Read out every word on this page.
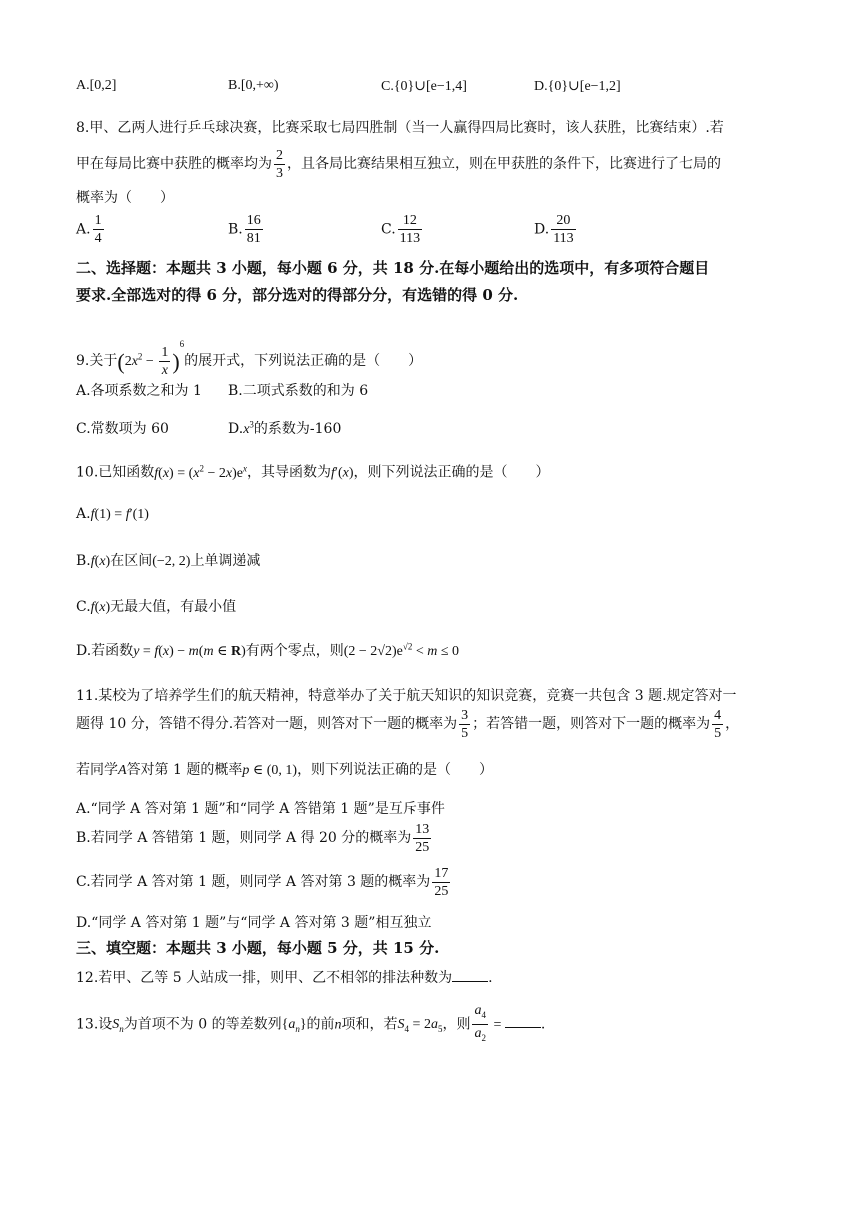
A.[0,2]	B.[0,+∞)	C.{0}∪[e−1,4]	D.{0}∪[e−1,2]
8.甲、乙两人进行乒乓球决赛，比赛采取七局四胜制（当一人赢得四局比赛时，该人获胜，比赛结束）.若
甲在每局比赛中获胜的概率均为 $\frac{2}{3}$ ，且各局比赛结果相互独立，则在甲获胜的条件下，比赛进行了七局的
概率为（　　）
A. $\frac{1}{4}$	B. $\frac{16}{81}$	C. $\frac{12}{113}$	D. $\frac{20}{113}$
二、选择题：本题共 3 小题，每小题 6 分，共 18 分.在每小题给出的选项中，有多项符合题目
要求.全部选对的得 6 分，部分选对的得部分分，有选错的得 0 分.
9.关于$(2x^2 - \frac{1}{x} )^6$的展开式，下列说法正确的是（　　）
A.各项系数之和为 1 B.二项式系数的和为 6
C.常数项为 60	$D.x^3$的系数为-160
10.已知函数$f(x) = (x^2 - 2x)e^x$，其导函数为f′(x)，则下列说法正确的是（　　）
A.f(1) = f′(1)
B.f(x)在区间(−2, 2)上单调递减
C.f(x)无最大值，有最小值
D.若函数y = f(x) − m(m ∈ R)有两个零点，则$(2 - 2√2)e^{√2} < m \le 0$
11.某校为了培养学生们的航天精神，特意举办了关于航天知识的知识竞赛，竞赛一共包含 3 题.规定答对一
题得 10 分，答错不得分.若答对一题，则答对下一题的概率为 $\frac{3}{5}$ ；若答错一题，则答对下一题的概率为 $\frac{4}{5}$ ，
若同学A答对第 1 题的概率p ∈ (0, 1)，则下列说法正确的是（　　）
A.“同学 A 答对第 1 题”和“同学 A 答错第 1 题”是互斥事件
B.若同学 A 答错第 1 题，则同学 A 得 20 分的概率为 $\frac{13}{25}$
C.若同学 A 答对第 1 题，则同学 A 答对第 3 题的概率为 $\frac{17}{25}$
D.“同学 A 答对第 1 题”与“同学 A 答对第 3 题”相互独立
三、填空题：本题共 3 小题，每小题 5 分，共 15 分.
12.若甲、乙等 5 人站成一排，则甲、乙不相邻的排法种数为	.
13.设$S_n$为首项不为 0 的等差数列$\{a_n\}$的前n项和，若$S_4 = 2a_5$，则 $\frac{a_4}{a_2}$ =	.
